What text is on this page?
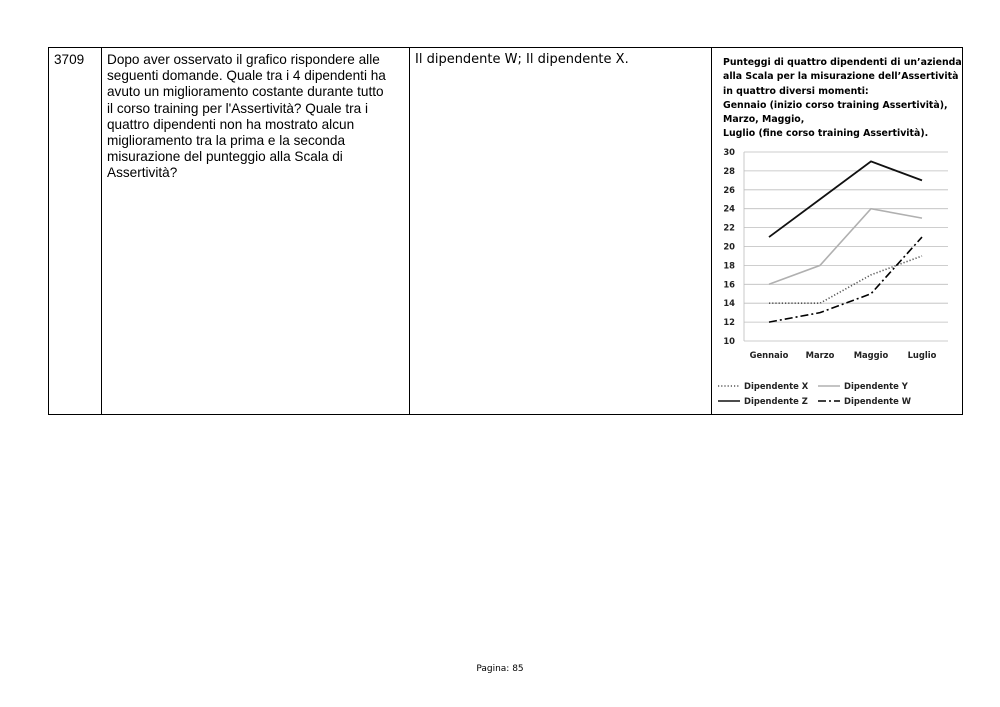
3709	Dopo aver osservato il grafico rispondere alle
seguenti domande. Quale tra i 4 dipendenti ha
avuto un miglioramento costante durante tutto
il corso training per l'Assertività? Quale tra i
quattro dipendenti non ha mostrato alcun
miglioramento tra la prima e la seconda
misurazione del punteggio alla Scala di
Assertività?

Il dipendente W; Il dipendente X.	Punteggi di quattro dipendenti di un’azienda
alla Scala per la misurazione dell’Assertività
in quattro diversi momenti:
Gennaio (inizio corso training Assertività),
Marzo, Maggio,
Luglio (fine corso training Assertività).
10
12
14
16
18
20
22
24
26
28
30
Gennaio Marzo Maggio Luglio
Dipendente X	Dipendente Y
Dipendente Z	Dipendente W
Pagina: 85
